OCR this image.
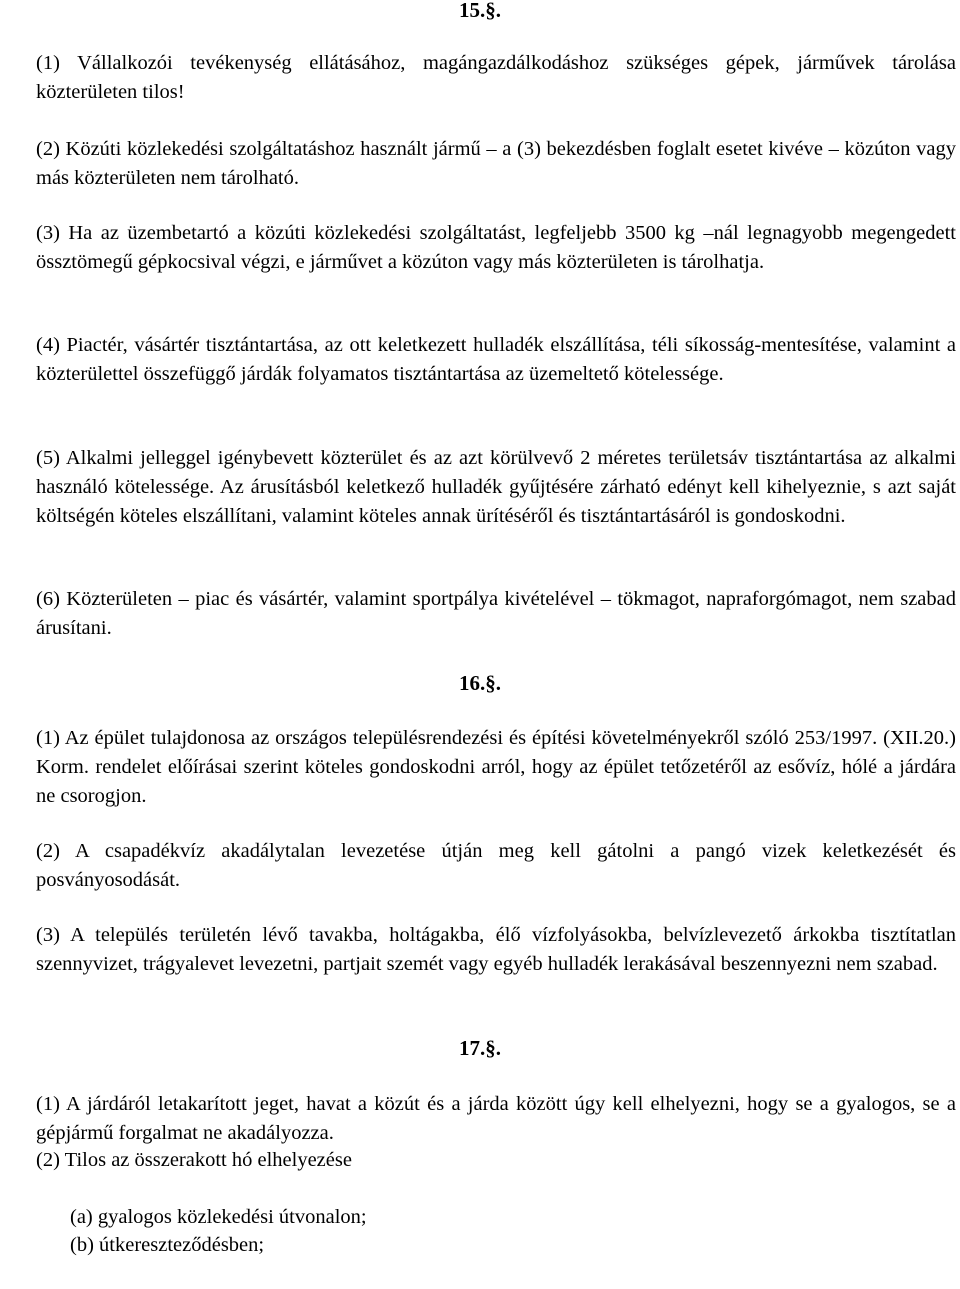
15.§.

(1) Vállalkozói tevékenység ellátásához, magángazdálkodáshoz szükséges gépek, járművek tárolása közterületen tilos!

(2) Közúti közlekedési szolgáltatáshoz használt jármű – a (3) bekezdésben foglalt esetet kivéve – közúton vagy más közterületen nem tárolható.

(3) Ha az üzembetartó a közúti közlekedési szolgáltatást, legfeljebb 3500 kg –nál legnagyobb megengedett össztömegű gépkocsival végzi, e járművet a közúton vagy más közterületen is tárolhatja.

(4) Piactér, vásártér tisztántartása, az ott keletkezett hulladék elszállítása, téli síkosság-mentesítése, valamint a közterülettel összefüggő járdák folyamatos tisztántartása az üzemeltető kötelessége.

(5) Alkalmi jelleggel igénybevett közterület és az azt körülvevő 2 méretes területsáv tisztántartása az alkalmi használó kötelessége. Az árusításból keletkező hulladék gyűjtésére zárható edényt kell kihelyeznie, s azt saját költségén köteles elszállítani, valamint köteles annak ürítéséről és tisztántartásáról is gondoskodni.

(6) Közterületen – piac és vásártér, valamint sportpálya kivételével – tökmagot, napraforgómagot, nem szabad árusítani.

16.§.

(1) Az épület tulajdonosa az országos településrendezési és építési követelményekről szóló 253/1997. (XII.20.) Korm. rendelet előírásai szerint köteles gondoskodni arról, hogy az épület tetőzetéről az esővíz, hólé a járdára ne csorogjon.

(2) A csapadékvíz akadálytalan levezetése útján meg kell gátolni a pangó vizek keletkezését és posványosodását.

(3) A település területén lévő tavakba, holtágakba, élő vízfolyásokba, belvízlevezető árkokba tisztítatlan szennyvizet, trágyalevet levezetni, partjait szemét vagy egyéb hulladék lerakásával beszennyezni nem szabad.

17.§.

(1) A járdáról letakarított jeget, havat a közút és a járda között úgy kell elhelyezni, hogy se a gyalogos, se a gépjármű forgalmat ne akadályozza.

(2) Tilos az összerakott hó elhelyezése

(a) gyalogos közlekedési útvonalon;

(b) útkereszteződésben;
